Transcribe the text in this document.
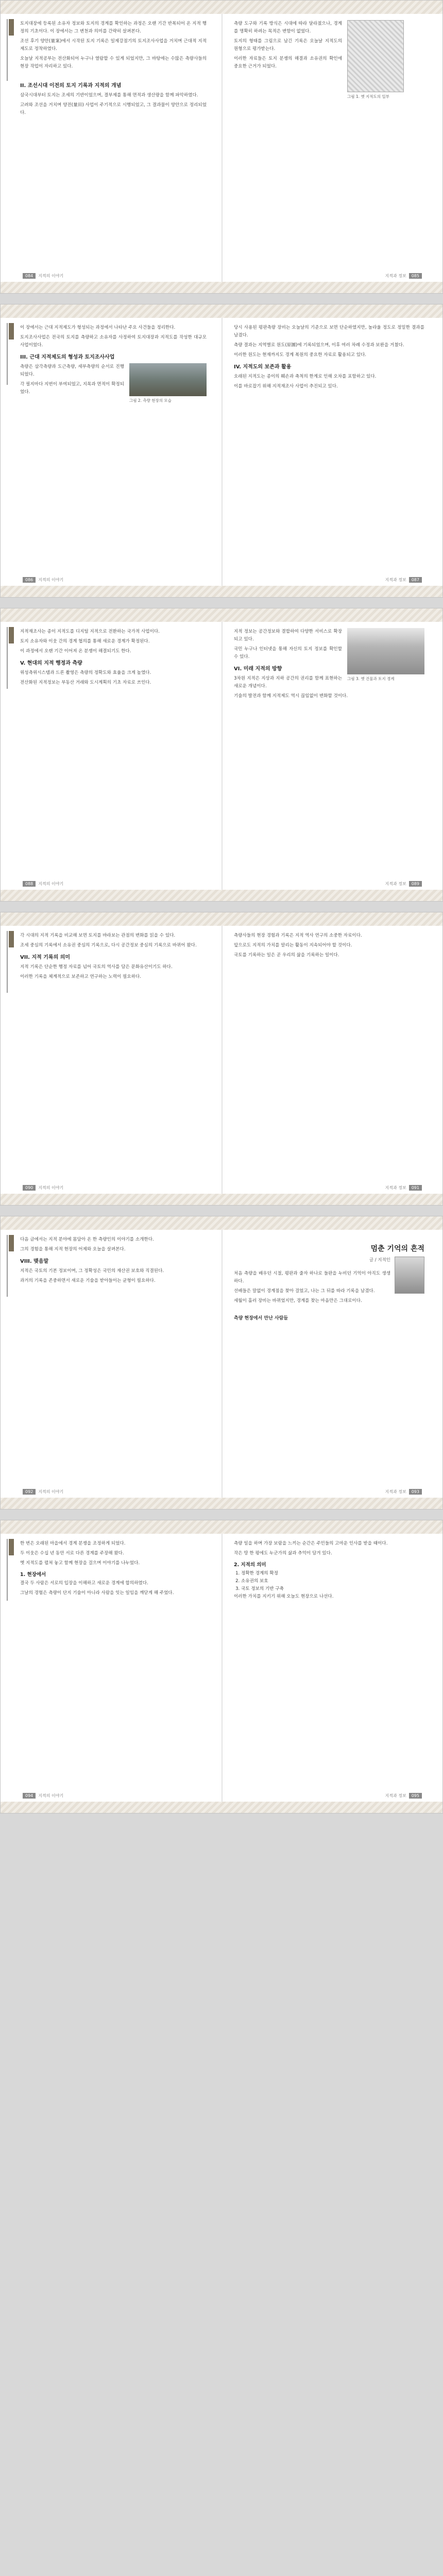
토지대장에 등록된 소유자 정보와 토지의 경계를 확인하는 과정은 오랜 기간 반복되어 온 지적 행정의 기초이다. 이 장에서는 그 변천과 의미를 간략히 살펴본다.

조선 후기 양안(量案)에서 시작된 토지 기록은 일제강점기의 토지조사사업을 거치며 근대적 지적제도로 정착하였다.

오늘날 지적공부는 전산화되어 누구나 열람할 수 있게 되었지만, 그 바탕에는 수많은 측량사들의 현장 작업이 자리하고 있다.

II. 조선시대 이전의 토지 기록과 지적의 개념

삼국시대부터 토지는 조세의 기반이었으며, 결부제를 통해 면적과 생산량을 함께 파악하였다.

고려와 조선을 거치며 양전(量田) 사업이 주기적으로 시행되었고, 그 결과물이 양안으로 정리되었다.

084 지적의 이야기
그림 1. 옛 지적도의 일부

측량 도구와 기록 방식은 시대에 따라 달라졌으나, 경계를 명확히 하려는 목적은 변함이 없었다.

토지의 형태를 그림으로 남긴 기록은 오늘날 지적도의 원형으로 평가받는다.

이러한 자료들은 토지 분쟁의 해결과 소유권의 확인에 중요한 근거가 되었다.

지적과 정보 085

이 장에서는 근대 지적제도가 형성되는 과정에서 나타난 주요 사건들을 정리한다.

토지조사사업은 전국의 토지를 측량하고 소유자를 사정하여 토지대장과 지적도를 작성한 대규모 사업이었다.

III. 근대 지적제도의 형성과 토지조사사업
그림 2. 측량 현장의 모습

측량은 삼각측량과 도근측량, 세부측량의 순서로 진행되었다.

각 필지마다 지번이 부여되었고, 지목과 면적이 확정되었다.

086 지적의 이야기

당시 사용된 평판측량 장비는 오늘날의 기준으로 보면 단순하였지만, 놀라울 정도로 정밀한 결과를 남겼다.

측량 결과는 지역별로 원도(原圖)에 기록되었으며, 이후 여러 차례 수정과 보완을 거쳤다.

이러한 원도는 현재까지도 경계 복원의 중요한 자료로 활용되고 있다.

IV. 지적도의 보존과 활용

오래된 지적도는 종이의 훼손과 축척의 한계로 인해 오차를 포함하고 있다.

이를 바로잡기 위해 지적재조사 사업이 추진되고 있다.

지적과 정보 087

지적재조사는 종이 지적도를 디지털 지적으로 전환하는 국가적 사업이다.

토지 소유자와 이웃 간의 경계 협의를 통해 새로운 경계가 확정된다.

이 과정에서 오랜 기간 이어져 온 분쟁이 해결되기도 한다.

V. 현대의 지적 행정과 측량

위성측위시스템과 드론 촬영은 측량의 정확도와 효율을 크게 높였다.

전산화된 지적정보는 부동산 거래와 도시계획의 기초 자료로 쓰인다.

088 지적의 이야기
그림 3. 옛 건물과 토지 경계

지적 정보는 공간정보와 결합하여 다양한 서비스로 확장되고 있다.

국민 누구나 인터넷을 통해 자신의 토지 정보를 확인할 수 있다.

VI. 미래 지적의 방향

3차원 지적은 지상과 지하 공간의 권리를 함께 표현하는 새로운 개념이다.

기술의 발전과 함께 지적제도 역시 끊임없이 변화할 것이다.

지적과 정보 089

각 시대의 지적 기록을 비교해 보면 토지를 바라보는 관점의 변화를 읽을 수 있다.

조세 중심의 기록에서 소유권 중심의 기록으로, 다시 공간정보 중심의 기록으로 바뀌어 왔다.

VII. 지적 기록의 의미

지적 기록은 단순한 행정 자료를 넘어 국토의 역사를 담은 문화유산이기도 하다.

이러한 기록을 체계적으로 보존하고 연구하는 노력이 필요하다.

090 지적의 이야기

측량사들의 현장 경험과 기록은 지적 역사 연구의 소중한 자료이다.

앞으로도 지적의 가치를 알리는 활동이 지속되어야 할 것이다.

국토를 기록하는 일은 곧 우리의 삶을 기록하는 일이다.

지적과 정보 091

다음 글에서는 지적 분야에 몸담아 온 한 측량인의 이야기를 소개한다.

그의 경험을 통해 지적 현장의 어제와 오늘을 살펴본다.

VIII. 맺음말

지적은 국토의 기본 정보이며, 그 정확성은 국민의 재산권 보호와 직결된다.

과거의 기록을 존중하면서 새로운 기술을 받아들이는 균형이 필요하다.

092 지적의 이야기
멈춘 기억의 흔적
글 / 지적인

처음 측량을 배우던 시절, 평판과 줄자 하나로 들판을 누비던 기억이 아직도 생생하다.

선배들은 말없이 경계점을 찾아 걸었고, 나는 그 뒤를 따라 기록을 남겼다.

세월이 흘러 장비는 바뀌었지만, 경계를 찾는 마음만은 그대로이다.

측량 현장에서 만난 사람들
지적과 정보 093

한 번은 오래된 마을에서 경계 분쟁을 조정하게 되었다.

두 이웃은 수십 년 동안 서로 다른 경계를 주장해 왔다.

옛 지적도를 펼쳐 놓고 함께 현장을 걸으며 이야기를 나누었다.

1. 현장에서

결국 두 사람은 서로의 입장을 이해하고 새로운 경계에 합의하였다.

그날의 경험은 측량이 단지 기술이 아니라 사람을 잇는 일임을 깨닫게 해 주었다.

094 지적의 이야기

측량 일을 하며 가장 보람을 느끼는 순간은 주민들의 고마운 인사를 받을 때이다.

작은 땅 한 평에도 누군가의 삶과 추억이 담겨 있다.

2. 지적의 의미
1. 정확한 경계의 확정
2. 소유권의 보호
3. 국토 정보의 기반 구축

이러한 가치를 지키기 위해 오늘도 현장으로 나선다.

지적과 정보 095
